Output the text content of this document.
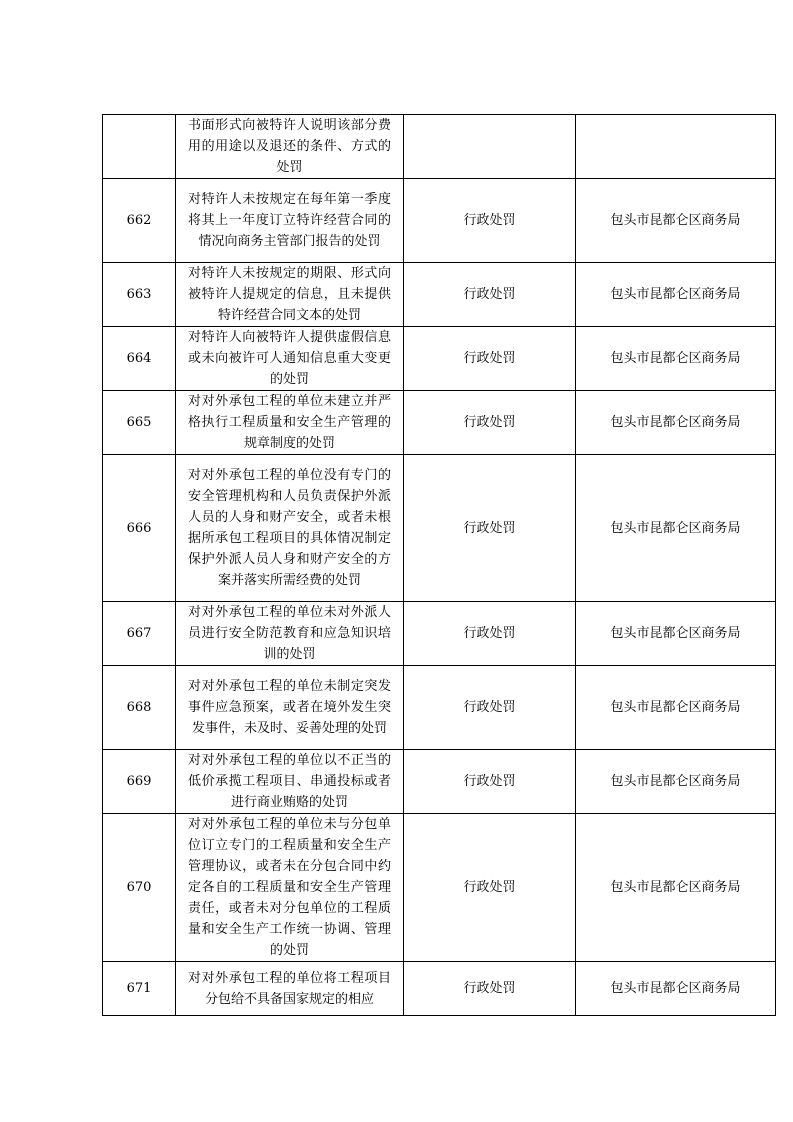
	书面形式向被特许人说明该部分费用的用途以及退还的条件、方式的处罚		
662	对特许人未按规定在每年第一季度将其上一年度订立特许经营合同的情况向商务主管部门报告的处罚	行政处罚	包头市昆都仑区商务局
663	对特许人未按规定的期限、形式向被特许人提规定的信息，且未提供特许经营合同文本的处罚	行政处罚	包头市昆都仑区商务局
664	对特许人向被特许人提供虚假信息或未向被许可人通知信息重大变更的处罚	行政处罚	包头市昆都仑区商务局
665	对对外承包工程的单位未建立并严格执行工程质量和安全生产管理的规章制度的处罚	行政处罚	包头市昆都仑区商务局
666	对对外承包工程的单位没有专门的安全管理机构和人员负责保护外派人员的人身和财产安全，或者未根据所承包工程项目的具体情况制定保护外派人员人身和财产安全的方案并落实所需经费的处罚	行政处罚	包头市昆都仑区商务局
667	对对外承包工程的单位未对外派人员进行安全防范教育和应急知识培训的处罚	行政处罚	包头市昆都仑区商务局
668	对对外承包工程的单位未制定突发事件应急预案，或者在境外发生突发事件，未及时、妥善处理的处罚	行政处罚	包头市昆都仑区商务局
669	对对外承包工程的单位以不正当的低价承揽工程项目、串通投标或者进行商业贿赂的处罚	行政处罚	包头市昆都仑区商务局
670	对对外承包工程的单位未与分包单位订立专门的工程质量和安全生产管理协议，或者未在分包合同中约定各自的工程质量和安全生产管理责任，或者未对分包单位的工程质量和安全生产工作统一协调、管理的处罚	行政处罚	包头市昆都仑区商务局
671	对对外承包工程的单位将工程项目分包给不具备国家规定的相应	行政处罚	包头市昆都仑区商务局
